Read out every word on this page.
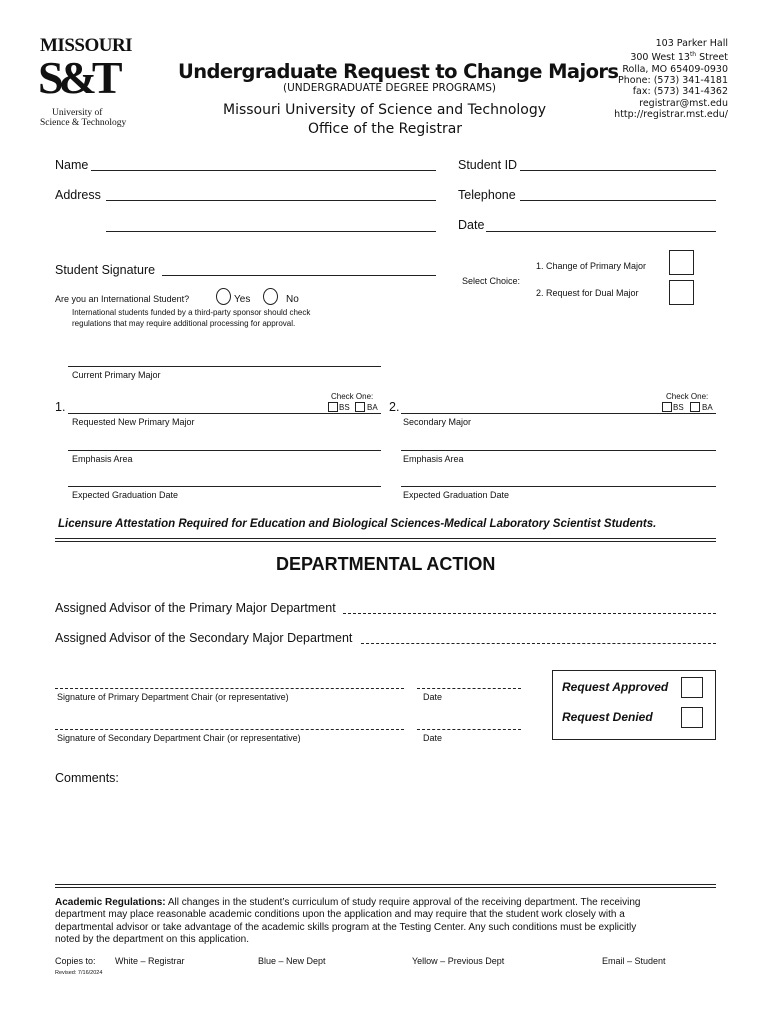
MISSOURI
S&T
University of
Science & Technology
Undergraduate Request to Change Majors
(UNDERGRADUATE DEGREE PROGRAMS)
Missouri University of Science and Technology
Office of the Registrar
103 Parker Hall
300 West 13th Street
Rolla, MO 65409-0930
Phone: (573) 341-4181
fax: (573) 341-4362
registrar@mst.edu
http://registrar.mst.edu/
Name	Student ID
Address	Telephone
Date
Student Signature
Are you an International Student?	Yes	No
International students funded by a third-party sponsor should check
regulations that may require additional processing for approval.
Select Choice:
1. Change of Primary Major
2. Request for Dual Major
Current Primary Major
1.
Check One:
BS BA
Requested New Primary Major
2.
Check One:
BS BA
Secondary Major
Emphasis Area	Emphasis Area
Expected Graduation Date	Expected Graduation Date
Licensure Attestation Required for Education and Biological Sciences-Medical Laboratory Scientist Students.
DEPARTMENTAL ACTION
Assigned Advisor of the Primary Major Department
Assigned Advisor of the Secondary Major Department
Signature of Primary Department Chair (or representative)	Date
Signature of Secondary Department Chair (or representative)	Date
Request Approved
Request Denied
Comments:
Academic Regulations: All changes in the student’s curriculum of study require approval of the receiving department. The receiving
department may place reasonable academic conditions upon the application and may require that the student work closely with a
departmental advisor or take advantage of the academic skills program at the Testing Center. Any such conditions must be explicitly
noted by the department on this application.
Copies to: White – Registrar	Blue – New Dept	Yellow – Previous Dept	Email – Student
Revised: 7/16/2024
